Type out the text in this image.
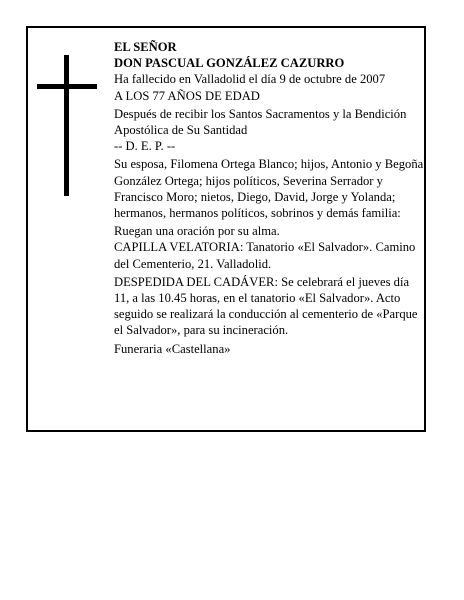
EL SEÑOR

DON PASCUAL GONZÁLEZ CAZURRO

Ha fallecido en Valladolid el día 9 de octubre de 2007

A LOS 77 AÑOS DE EDAD

Después de recibir los Santos Sacramentos y la Bendición Apostólica de Su Santidad

-- D. E. P. --

Su esposa, Filomena Ortega Blanco; hijos, Antonio y Begoña González Ortega; hijos políticos, Severina Serrador y Francisco Moro; nietos, Diego, David, Jorge y Yolanda; hermanos, hermanos políticos, sobrinos y demás familia:

Ruegan una oración por su alma.

CAPILLA VELATORIA: Tanatorio «El Salvador». Camino del Cementerio, 21. Valladolid.

DESPEDIDA DEL CADÁVER: Se celebrará el jueves día 11, a las 10.45 horas, en el tanatorio «El Salvador». Acto seguido se realizará la conducción al cementerio de «Parque el Salvador», para su incineración.

Funeraria «Castellana»
